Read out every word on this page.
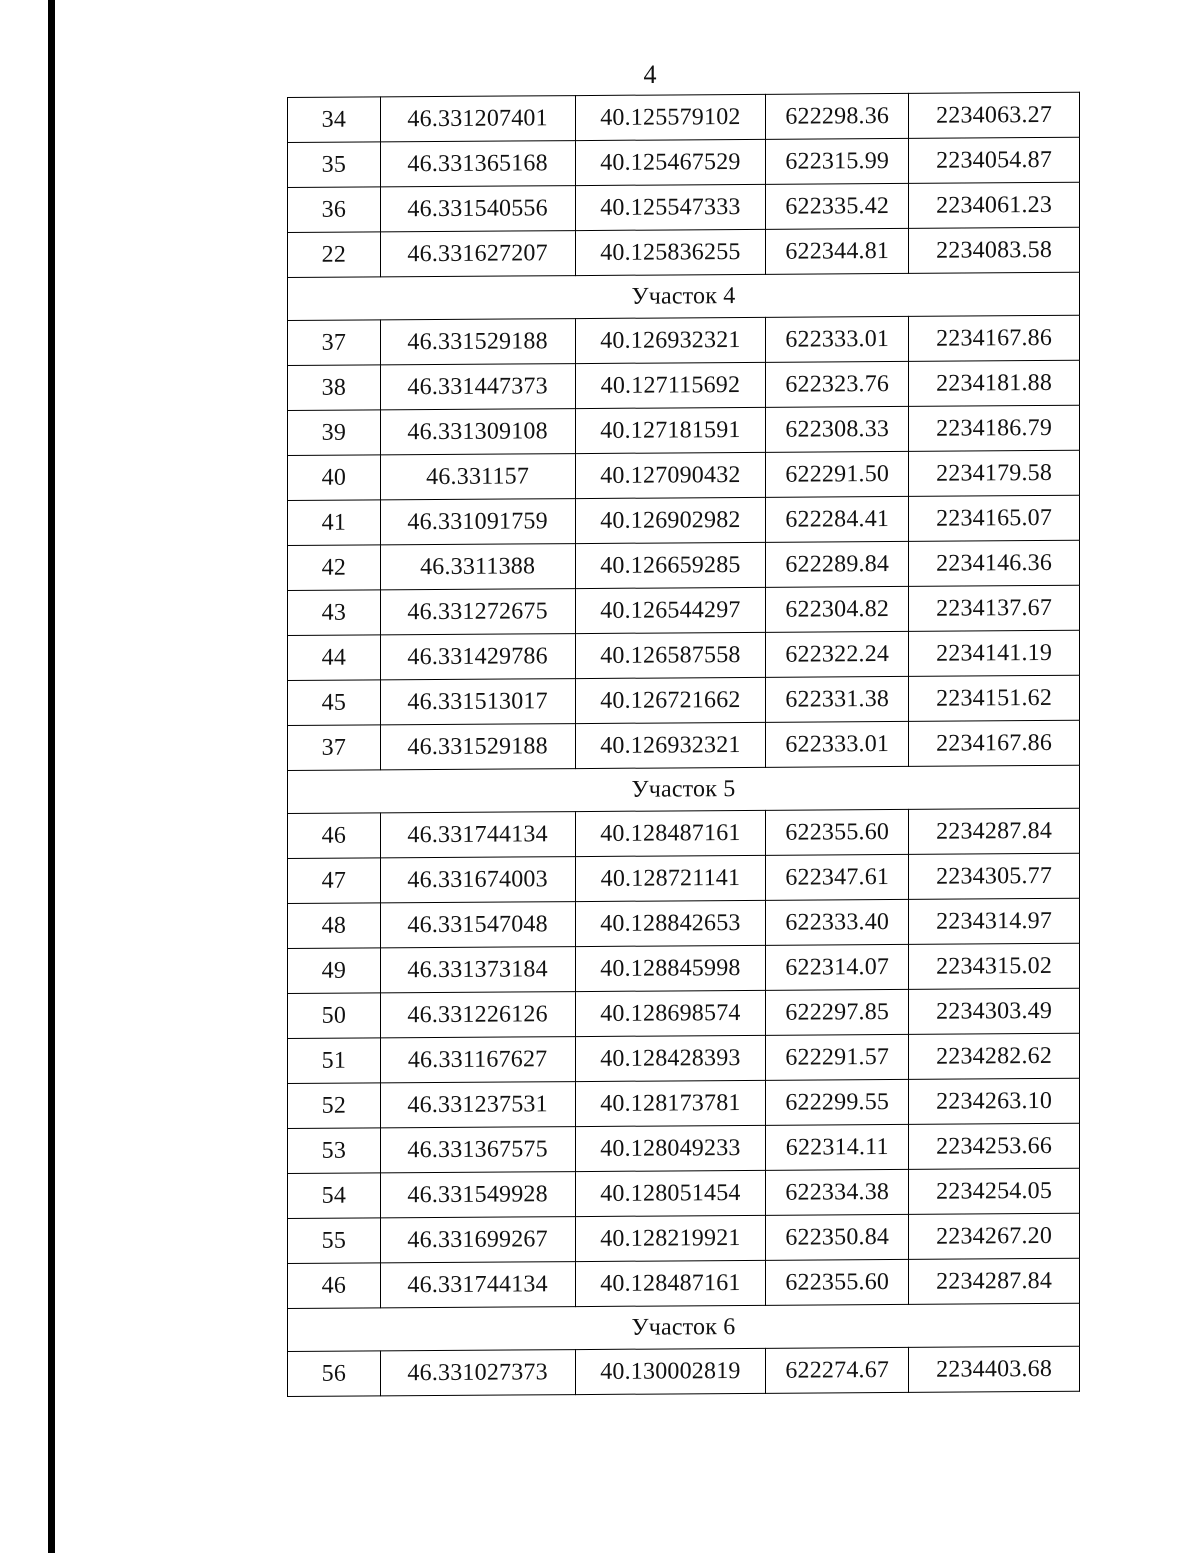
4
34	46.331207401	40.125579102	622298.36	2234063.27
35	46.331365168	40.125467529	622315.99	2234054.87
36	46.331540556	40.125547333	622335.42	2234061.23
22	46.331627207	40.125836255	622344.81	2234083.58
Участок 4				
37	46.331529188	40.126932321	622333.01	2234167.86
38	46.331447373	40.127115692	622323.76	2234181.88
39	46.331309108	40.127181591	622308.33	2234186.79
40	46.331157	40.127090432	622291.50	2234179.58
41	46.331091759	40.126902982	622284.41	2234165.07
42	46.3311388	40.126659285	622289.84	2234146.36
43	46.331272675	40.126544297	622304.82	2234137.67
44	46.331429786	40.126587558	622322.24	2234141.19
45	46.331513017	40.126721662	622331.38	2234151.62
37	46.331529188	40.126932321	622333.01	2234167.86
Участок 5				
46	46.331744134	40.128487161	622355.60	2234287.84
47	46.331674003	40.128721141	622347.61	2234305.77
48	46.331547048	40.128842653	622333.40	2234314.97
49	46.331373184	40.128845998	622314.07	2234315.02
50	46.331226126	40.128698574	622297.85	2234303.49
51	46.331167627	40.128428393	622291.57	2234282.62
52	46.331237531	40.128173781	622299.55	2234263.10
53	46.331367575	40.128049233	622314.11	2234253.66
54	46.331549928	40.128051454	622334.38	2234254.05
55	46.331699267	40.128219921	622350.84	2234267.20
46	46.331744134	40.128487161	622355.60	2234287.84
Участок 6				
56	46.331027373	40.130002819	622274.67	2234403.68
